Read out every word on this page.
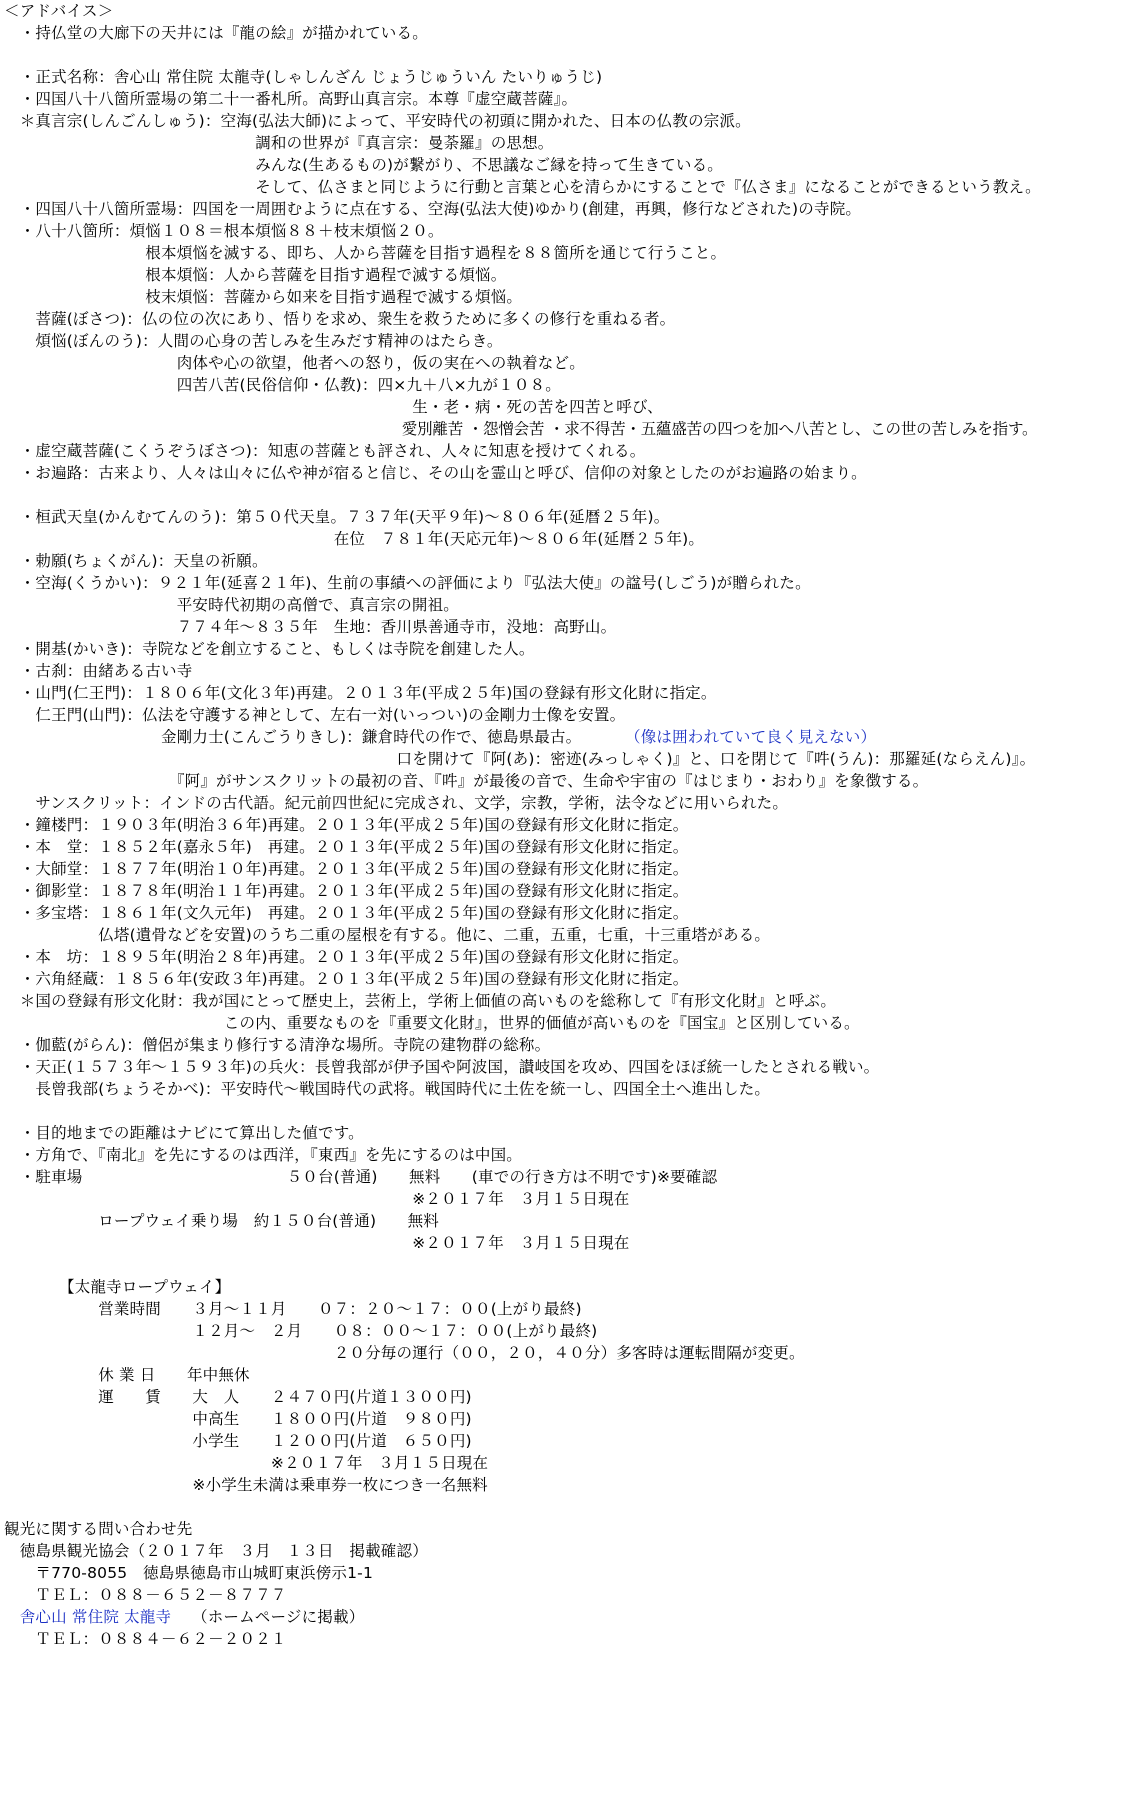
＜アドバイス＞
　・持仏堂の大廊下の天井には『龍の絵』が描かれている。
　・正式名称：舎心山 常住院 太龍寺(しゃしんざん じょうじゅういん たいりゅうじ)
　・四国八十八箇所霊場の第二十一番札所。高野山真言宗。本尊『虚空蔵菩薩』。
　＊真言宗(しんごんしゅう)：空海(弘法大師)によって、平安時代の初頭に開かれた、日本の仏教の宗派。
　　　　　　　　　　　　　　　　調和の世界が『真言宗：曼荼羅』の思想。
　　　　　　　　　　　　　　　　みんな(生あるもの)が繋がり、不思議なご縁を持って生きている。
　　　　　　　　　　　　　　　　そして、仏さまと同じように行動と言葉と心を清らかにすることで『仏さま』になることができるという教え。
　・四国八十八箇所霊場：四国を一周囲むように点在する、空海(弘法大使)ゆかり(創建，再興，修行などされた)の寺院。
　・八十八箇所：煩悩１０８＝根本煩悩８８＋枝末煩悩２０。
　　　　　　　　　根本煩悩を滅する、即ち、人から菩薩を目指す過程を８８箇所を通じて行うこと。
　　　　　　　　　根本煩悩：人から菩薩を目指す過程で滅する煩悩。
　　　　　　　　　枝末煩悩：菩薩から如来を目指す過程で滅する煩悩。
　　菩薩(ぼさつ)：仏の位の次にあり、悟りを求め、衆生を救うために多くの修行を重ねる者。
　　煩悩(ぼんのう)：人間の心身の苦しみを生みだす精神のはたらき。
　　　　　　　　　　　肉体や心の欲望，他者への怒り，仮の実在への執着など。
　　　　　　　　　　　四苦八苦(民俗信仰・仏教)：四×九＋八×九が１０８。
　　　　　　　　　　　　　　　　　　　　　　　　　　生・老・病・死の苦を四苦と呼び、
　　　　　　　　　　　　　　　　　　　　　　　　　　愛別離苦 ・怨憎会苦 ・求不得苦・五蘊盛苦の四つを加へ八苦とし、この世の苦しみを指す。
　・虚空蔵菩薩(こくうぞうぼさつ)：知恵の菩薩とも評され、人々に知恵を授けてくれる。
　・お遍路：古来より、人々は山々に仏や神が宿ると信じ、その山を霊山と呼び、信仰の対象としたのがお遍路の始まり。
　・桓武天皇(かんむてんのう)：第５０代天皇。７３７年(天平９年)～８０６年(延暦２５年)。
　　　　　　　　　　　　　　　　　　　　　在位　７８１年(天応元年)～８０６年(延暦２５年)。
　・勅願(ちょくがん)：天皇の祈願。
　・空海(くうかい)：９２１年(延喜２１年)、生前の事績への評価により『弘法大使』の諡号(しごう)が贈られた。
　　　　　　　　　　　平安時代初期の高僧で、真言宗の開祖。
　　　　　　　　　　　７７４年～８３５年　生地：香川県善通寺市，没地：高野山。
　・開基(かいき)：寺院などを創立すること、もしくは寺院を創建した人。
　・古刹：由緒ある古い寺
　・山門(仁王門)：１８０６年(文化３年)再建。２０１３年(平成２５年)国の登録有形文化財に指定。
　　仁王門(山門)：仏法を守護する神として、左右一対(いっつい)の金剛力士像を安置。
　　　　　　　　　　金剛力士(こんごうりきし)：鎌倉時代の作で、徳島県最古。	（像は囲われていて良く見えない）
　　　　　　　　　　　　　　　　　　　　　　　　　口を開けて『阿(あ)：密迹(みっしゃく)』と、口を閉じて『吽(うん)：那羅延(ならえん)』。
　　　　　　　　　　　『阿』がサンスクリットの最初の音、『吽』が最後の音で、生命や宇宙の『はじまり・おわり』を象徴する。
　　サンスクリット：インドの古代語。紀元前四世紀に完成され、文学，宗教，学術，法令などに用いられた。
　・鐘楼門：１９０３年(明治３６年)再建。２０１３年(平成２５年)国の登録有形文化財に指定。
　・本　堂：１８５２年(嘉永５年)　再建。２０１３年(平成２５年)国の登録有形文化財に指定。
　・大師堂：１８７７年(明治１０年)再建。２０１３年(平成２５年)国の登録有形文化財に指定。
　・御影堂：１８７８年(明治１１年)再建。２０１３年(平成２５年)国の登録有形文化財に指定。
　・多宝塔：１８６１年(文久元年)　再建。２０１３年(平成２５年)国の登録有形文化財に指定。
　　　　　　仏塔(遺骨などを安置)のうち二重の屋根を有する。他に、二重，五重，七重，十三重塔がある。
　・本　坊：１８９５年(明治２８年)再建。２０１３年(平成２５年)国の登録有形文化財に指定。
　・六角経蔵：１８５６年(安政３年)再建。２０１３年(平成２５年)国の登録有形文化財に指定。
　＊国の登録有形文化財：我が国にとって歴史上，芸術上，学術上価値の高いものを総称して『有形文化財』と呼ぶ。
　　　　　　　　　　　　　　この内、重要なものを『重要文化財』，世界的価値が高いものを『国宝』と区別している。
　・伽藍(がらん)：僧侶が集まり修行する清浄な場所。寺院の建物群の総称。
　・天正(１５７３年～１５９３年)の兵火：長曾我部が伊予国や阿波国，讃岐国を攻め、四国をほぼ統一したとされる戦い。
　　長曾我部(ちょうそかべ)：平安時代～戦国時代の武将。戦国時代に土佐を統一し、四国全土へ進出した。
　・目的地までの距離はナビにて算出した値です。
　・方角で、『南北』を先にするのは西洋，『東西』を先にするのは中国。
　・駐車場　　　　　　　　　　　　　５０台(普通)　　無料　　(車での行き方は不明です)※要確認
　　　　　　　　　　　　　　　　　　　　　　　　　　※２０１７年　３月１５日現在
　　　　　　ロープウェイ乗り場　約１５０台(普通)　　無料
　　　　　　　　　　　　　　　　　　　　　　　　　　※２０１７年　３月１５日現在
　　　　【太龍寺ロープウェイ】
　　　　　　営業時間　　３月～１１月　　０７：２０～１７：００(上がり最終)
　　　　　　　　　　　　１２月～　２月　　０８：００～１７：００(上がり最終)
　　　　　　　　　　　　　　　　　　　　　２０分毎の運行（００，２０，４０分）多客時は運転間隔が変更。
　　　　　　休 業 日　　年中無休
　　　　　　運　　賃　　大　人　　２４７０円(片道１３００円)
　　　　　　　　　　　　中高生　　１８００円(片道　９８０円)
　　　　　　　　　　　　小学生　　１２００円(片道　６５０円)
　　　　　　　　　　　　　　　　　※２０１７年　３月１５日現在
　　　　　　　　　　　　※小学生未満は乗車券一枚につき一名無料
観光に関する問い合わせ先
　徳島県観光協会（２０１７年　３月　１３日　掲載確認）
　　〒770-8055　徳島県徳島市山城町東浜傍示1-1
　　ＴＥＬ：０８８－６５２－８７７７
　舎心山 常住院 太龍寺 （ホームページに掲載）
　　ＴＥＬ：０８８４－６２－２０２１
